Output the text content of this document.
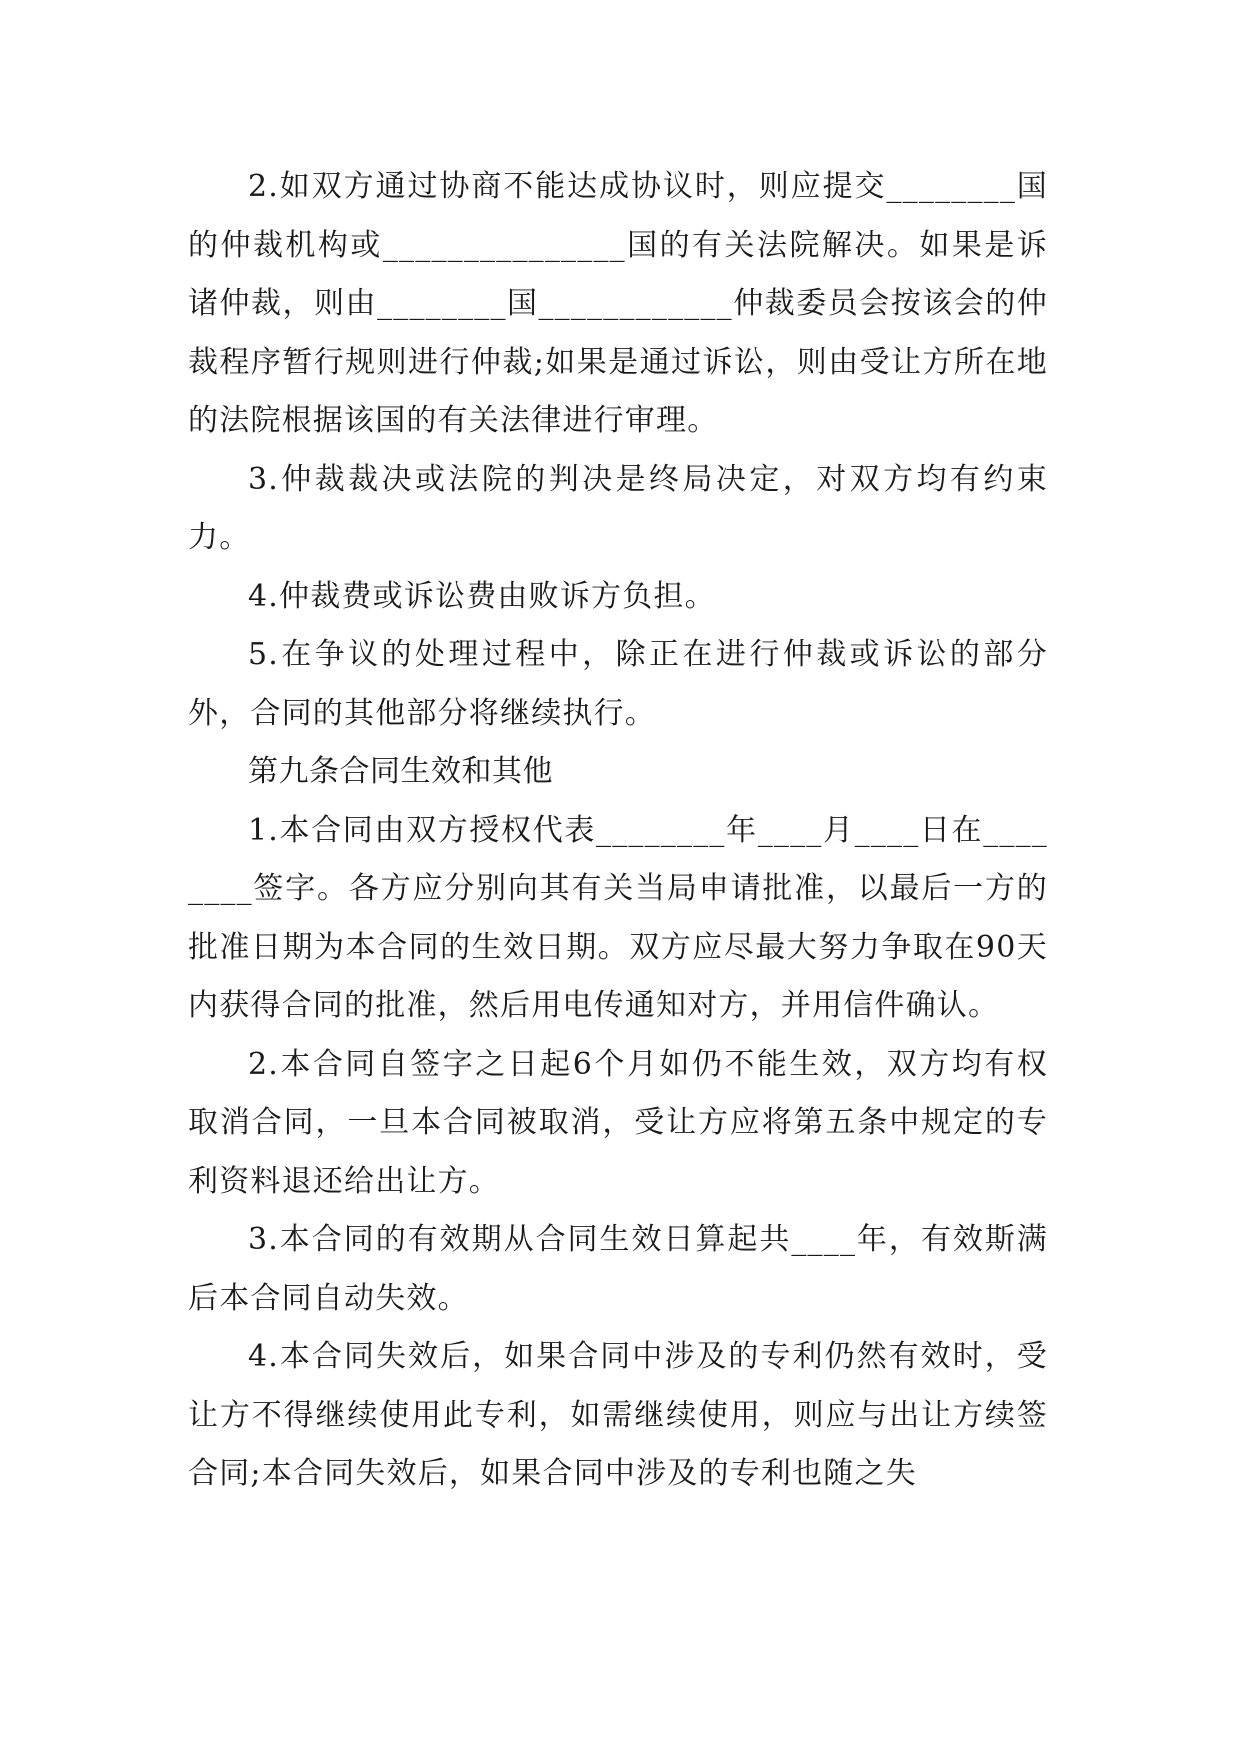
2.如双方通过协商不能达成协议时，则应提交________国的仲裁机构或_______________国的有关法院解决。如果是诉诸仲裁，则由________国____________仲裁委员会按该会的仲裁程序暂行规则进行仲裁;如果是通过诉讼，则由受让方所在地的法院根据该国的有关法律进行审理。

3.仲裁裁决或法院的判决是终局决定，对双方均有约束力。

4.仲裁费或诉讼费由败诉方负担。

5.在争议的处理过程中，除正在进行仲裁或诉讼的部分外，合同的其他部分将继续执行。

第九条合同生效和其他

1.本合同由双方授权代表________年____月____日在________签字。各方应分别向其有关当局申请批准，以最后一方的批准日期为本合同的生效日期。双方应尽最大努力争取在90天内获得合同的批准，然后用电传通知对方，并用信件确认。

2.本合同自签字之日起6个月如仍不能生效，双方均有权取消合同，一旦本合同被取消，受让方应将第五条中规定的专利资料退还给出让方。

3.本合同的有效期从合同生效日算起共____年，有效斯满后本合同自动失效。

4.本合同失效后，如果合同中涉及的专利仍然有效时，受让方不得继续使用此专利，如需继续使用，则应与出让方续签合同;本合同失效后，如果合同中涉及的专利也随之失
